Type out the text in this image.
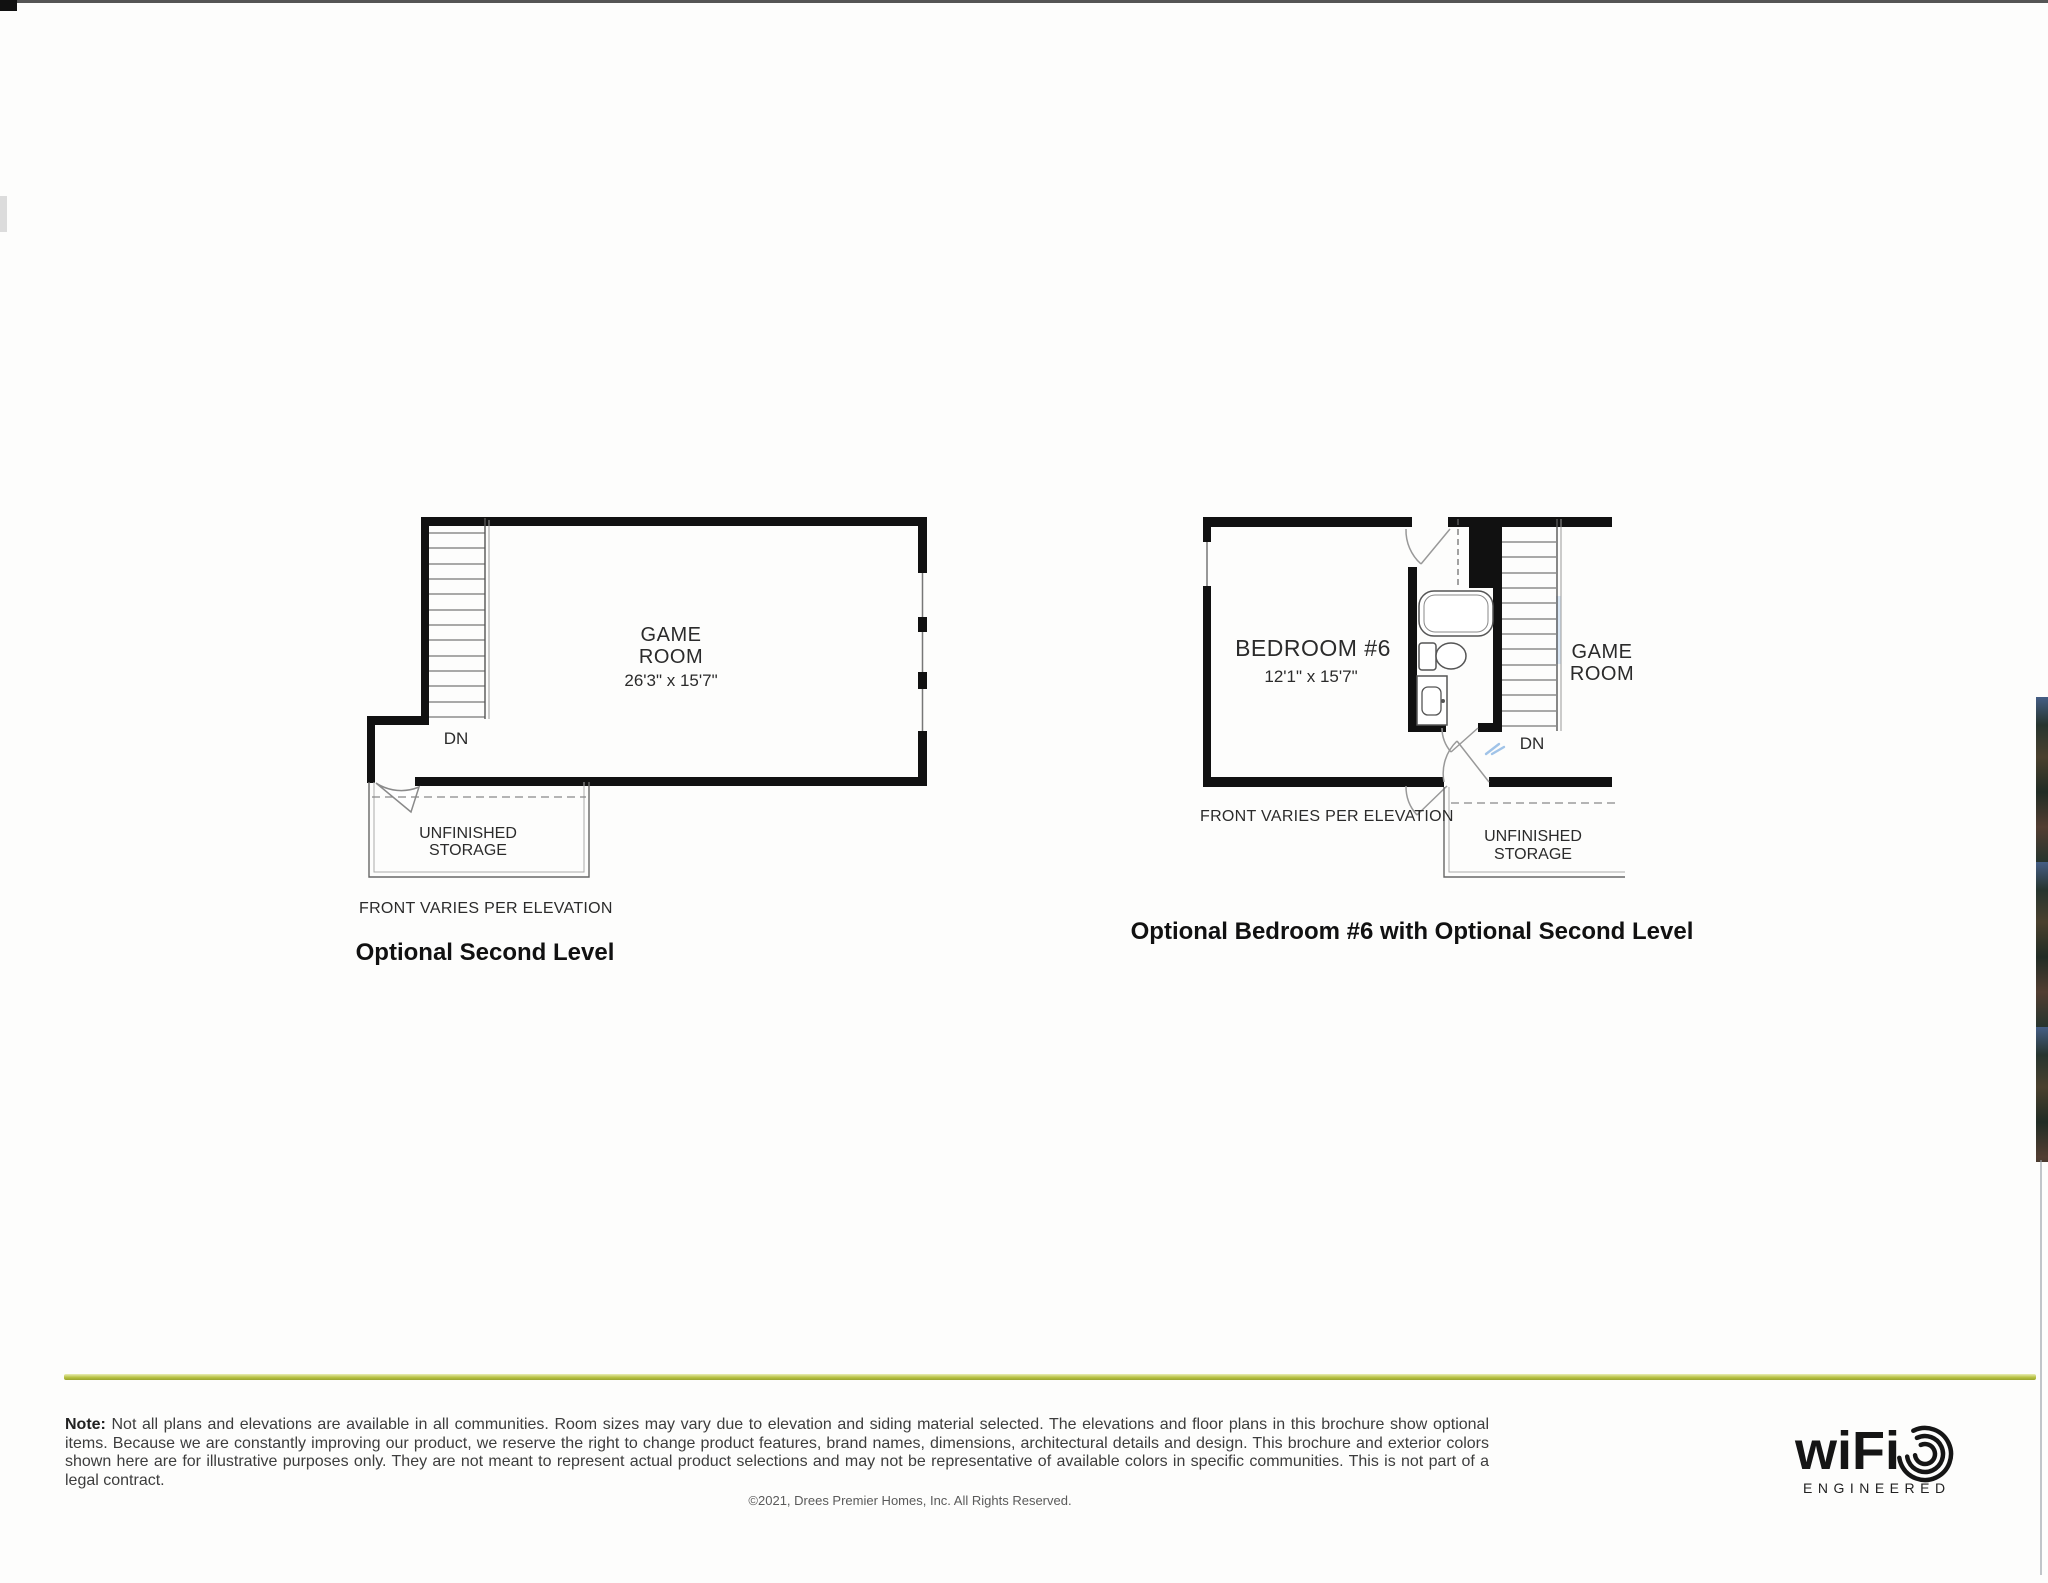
GAME
ROOM
26'3" x 15'7"
DN
UNFINISHED
STORAGE
FRONT VARIES PER ELEVATION
Optional Second Level
BEDROOM #6
12'1" x 15'7"
GAME
ROOM
DN
UNFINISHED
STORAGE
FRONT VARIES PER ELEVATION
Optional Bedroom #6 with Optional Second Level

Note: Not all plans and elevations are available in all communities. Room sizes may vary due to elevation and siding material selected. The elevations and floor plans in this brochure show optional items. Because we are constantly improving our product, we reserve the right to change product features, brand names, dimensions, architectural details and design. This brochure and exterior colors shown here are for illustrative purposes only. They are not meant to represent actual product selections and may not be representative of available colors in specific communities. This is not part of a legal contract.

©2021, Drees Premier Homes, Inc. All Rights Reserved.
wiFi
ENGINEERED
